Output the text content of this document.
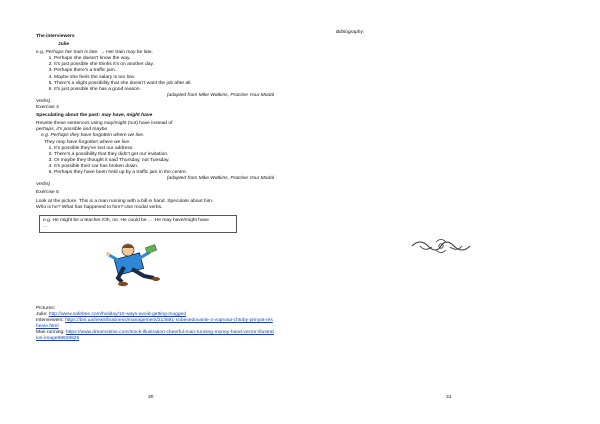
The interviewers

Julie

e.g. Perhaps her train is late. → Her train may be late.

1. Perhaps she doesn't know the way.
2. It's just possible she thinks it's on another day.
3. Perhaps there's a traffic jam.
4. Maybe she feels the salary is too low.
5. There's a slight possibility that she doesn't want the job after all.
6. It's just possible she has a good reason.

(adapted from Mike Watkins, Practise Your Modal

Verbs)

Exercise 4

Speculating about the past: may have, might have

Rewrite these sentences using may/might (not) have instead of

perhaps, it's possible and maybe.

e.g. Perhaps they have forgotten where we live.

They may have forgotten where we live.

1. It's possible they've lost our address.
2. There's a possibility that they didn't get our invitation.
3. Or maybe they thought it said Thursday, not Tuesday.
4. It's possible their car has broken down.
5. Perhaps they have been held up by a traffic jam in the centre.

(adapted from Mike Watkins, Practise Your Modal

Verbs)

Exercise 5

Look at the picture. This is a man running with a bill in hand. Speculate about him.

Who is he? What has happened to him? Use modal verbs.

e.g. He might be a teacher./Oh, no. He could be ... .He may have/might have

...

Pictures:

Julie: http://www.safebee.com/holiday/10-ways-avoid-getting-mugged

Interviewers: https://bin.ua/news/business/management/213691-sobesedovanie-4-voprosa-chtoby-prinyat-reshenie.html

Man running: https://www.dreamstime.com/stock-illustration-cheerful-man-running-money-hand-vector-illustration-image68928625

30

Bibliography:

31
